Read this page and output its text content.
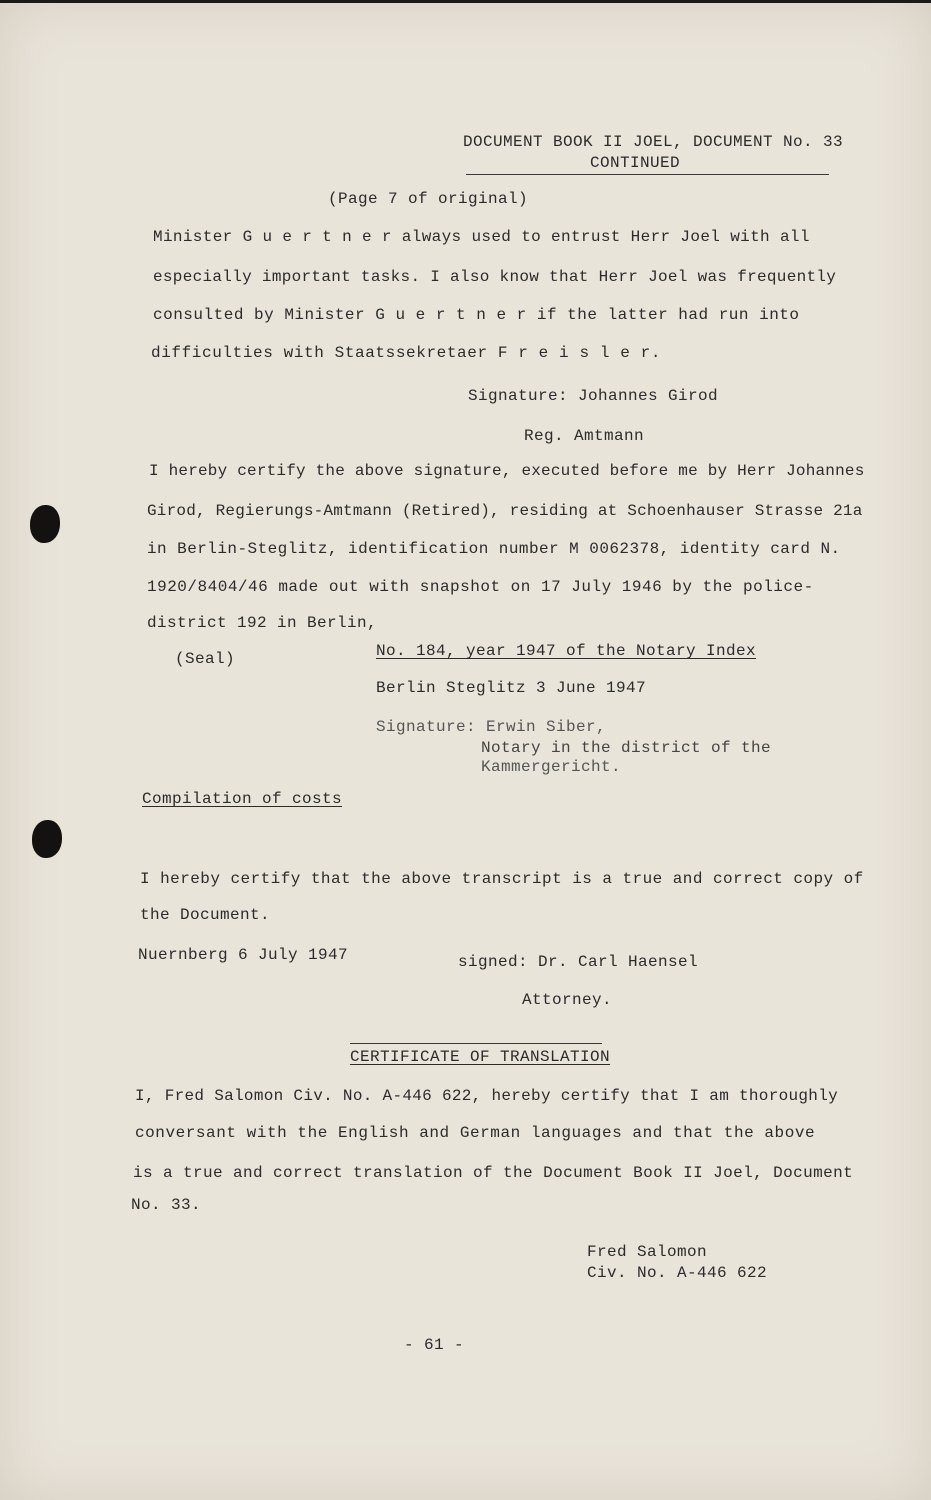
DOCUMENT BOOK II JOEL, DOCUMENT No. 33
CONTINUED
(Page 7 of original)
Minister G u e r t n e r always used to entrust Herr Joel with all
especially important tasks. I also know that Herr Joel was frequently
consulted by Minister G u e r t n e r if the latter had run into
difficulties with Staatssekretaer F r e i s l e r.
Signature: Johannes Girod
Reg. Amtmann
I hereby certify the above signature, executed before me by Herr Johannes
Girod, Regierungs-Amtmann (Retired), residing at Schoenhauser Strasse 21a
in Berlin-Steglitz, identification number M 0062378, identity card N.
1920/8404/46 made out with snapshot on 17 July 1946 by the police-
district 192 in Berlin,
(Seal)	No. 184, year 1947 of the Notary Index
Berlin Steglitz 3 June 1947
Signature: Erwin Siber,
Notary in the district of the
Kammergericht.
Compilation of costs
I hereby certify that the above transcript is a true and correct copy of
the Document.
Nuernberg 6 July 1947	signed: Dr. Carl Haensel
Attorney.
CERTIFICATE OF TRANSLATION
I, Fred Salomon Civ. No. A-446 622, hereby certify that I am thoroughly
conversant with the English and German languages and that the above
is a true and correct translation of the Document Book II Joel, Document
No. 33.
Fred Salomon
Civ. No. A-446 622
- 61 -
